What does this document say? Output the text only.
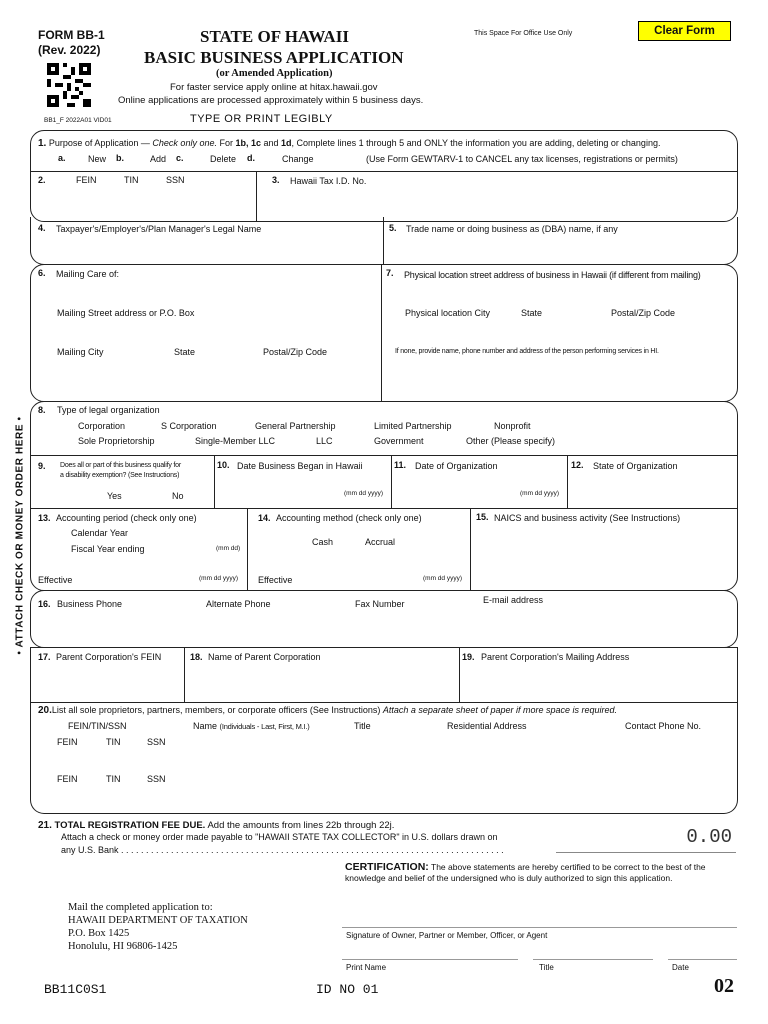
FORM BB-1
(Rev. 2022)
STATE OF HAWAII
BASIC BUSINESS APPLICATION
(or Amended Application)
For faster service apply online at hitax.hawaii.gov
Online applications are processed approximately within 5 business days.
This Space For Office Use Only	Clear Form
BB1_F 2022A01 VID01	TYPE OR PRINT LEGIBLY
• ATTACH CHECK OR MONEY ORDER HERE •
1. Purpose of Application — Check only one. For 1b, 1c and 1d, Complete lines 1 through 5 and ONLY the information you are adding, deleting or changing.
a. New b.	Add c.	Delete d.	Change	(Use Form GEWTARV-1 to CANCEL any tax licenses, registrations or permits)
2.	FEIN	TIN	SSN	3. Hawaii Tax I.D. No.
4. Taxpayer's/Employer's/Plan Manager's Legal Name	5. Trade name or doing business as (DBA) name, if any
6. Mailing Care of:
Mailing Street address or P.O. Box
Mailing City	State	Postal/Zip Code
7. Physical location street address of business in Hawaii (if different from mailing)
Physical location City	State	Postal/Zip Code
If none, provide name, phone number and address of the person performing services in HI.
8. Type of legal organization
Corporation	S Corporation	General Partnership	Limited Partnership	Nonprofit
Sole Proprietorship	Single-Member LLC	LLC	Government	Other (Please specify)
9. Does all or part of this business qualify for
a disability exemption? (See Instructions)
Yes	No
10. Date Business Began in Hawaii
(mm dd yyyy)
11. Date of Organization
(mm dd yyyy)
12. State of Organization
13. Accounting period (check only one)
Calendar Year
Fiscal Year ending	(mm dd)
Effective	(mm dd yyyy)
14. Accounting method (check only one)
Cash	Accrual
Effective	(mm dd yyyy)
15. NAICS and business activity (See Instructions)
16. Business Phone	Alternate Phone	Fax Number	E-mail address
17. Parent Corporation's FEIN	18. Name of Parent Corporation	19. Parent Corporation's Mailing Address
20.List all sole proprietors, partners, members, or corporate officers (See Instructions) Attach a separate sheet of paper if more space is required.
FEIN/TIN/SSN	Name (Individuals - Last, First, M.I.)	Title	Residential Address	Contact Phone No.
FEIN	TIN	SSN
FEIN	TIN	SSN
21. TOTAL REGISTRATION FEE DUE. Add the amounts from lines 22b through 22j.
Attach a check or money order made payable to "HAWAII STATE TAX COLLECTOR" in U.S. dollars drawn on
any U.S. Bank . . . . . . . . . . . . . . . . . . . . . . . . . . . . . . . . . . . . . . . . . . . . . . . . . . . . . . . . . . . . . . . . . . . . . . . . . . . . .
0.00
CERTIFICATION: The above statements are hereby certified to be correct to the best of the knowledge and belief of the undersigned who is duly authorized to sign this application.
Signature of Owner, Partner or Member, Officer, or Agent
Print Name	Title	Date
Mail the completed application to:
HAWAII DEPARTMENT OF TAXATION
P.O. Box 1425
Honolulu, HI 96806-1425
BB11C0S1	ID NO 01	02
